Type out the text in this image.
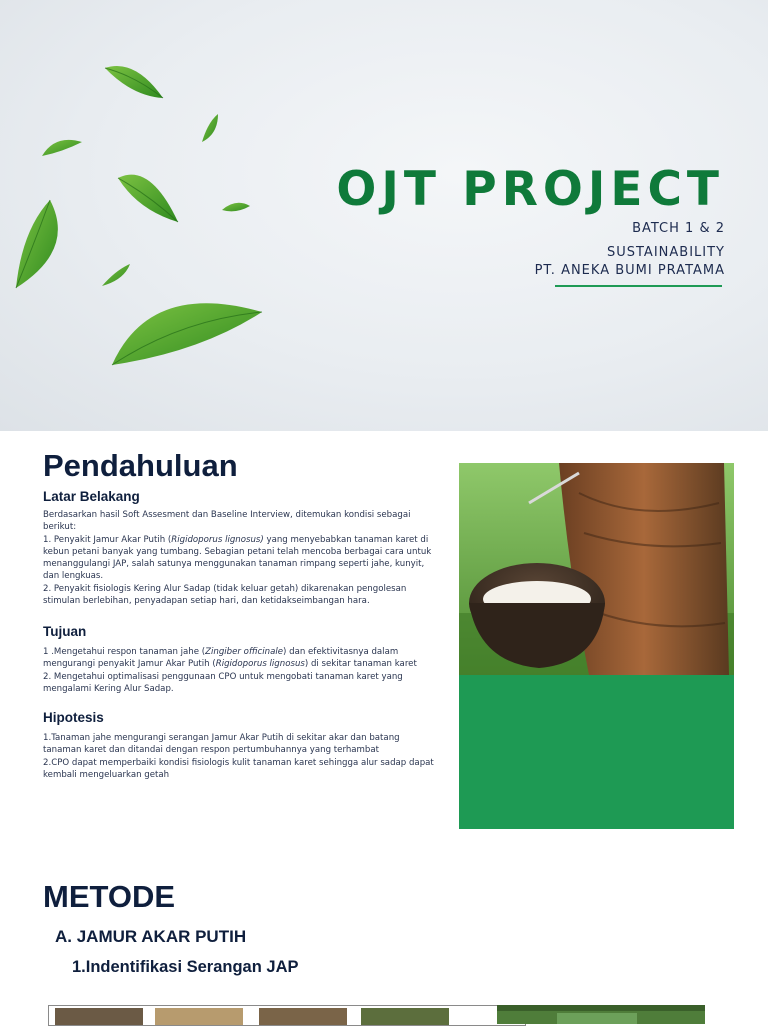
OJT PROJECT
BATCH 1 & 2
SUSTAINABILITY
PT. ANEKA BUMI PRATAMA
Pendahuluan
Latar Belakang

Berdasarkan hasil Soft Assesment dan Baseline Interview, ditemukan kondisi sebagai berikut:

1. Penyakit Jamur Akar Putih (Rigidoporus lignosus) yang menyebabkan tanaman karet di kebun petani banyak yang tumbang. Sebagian petani telah mencoba berbagai cara untuk menanggulangi JAP, salah satunya menggunakan tanaman rimpang seperti jahe, kunyit, dan lengkuas.

2. Penyakit fisiologis Kering Alur Sadap (tidak keluar getah) dikarenakan pengolesan stimulan berlebihan, penyadapan setiap hari, dan ketidakseimbangan hara.

Tujuan

1 .Mengetahui respon tanaman jahe (Zingiber officinale) dan efektivitasnya dalam mengurangi penyakit Jamur Akar Putih (Rigidoporus lignosus) di sekitar tanaman karet

2. Mengetahui optimalisasi penggunaan CPO untuk mengobati tanaman karet yang mengalami Kering Alur Sadap.

Hipotesis

1.Tanaman jahe mengurangi serangan Jamur Akar Putih di sekitar akar dan batang tanaman karet dan ditandai dengan respon pertumbuhannya yang terhambat

2.CPO dapat memperbaiki kondisi fisiologis kulit tanaman karet sehingga alur sadap dapat kembali mengeluarkan getah

METODE
A. JAMUR AKAR PUTIH
1.Indentifikasi Serangan JAP
